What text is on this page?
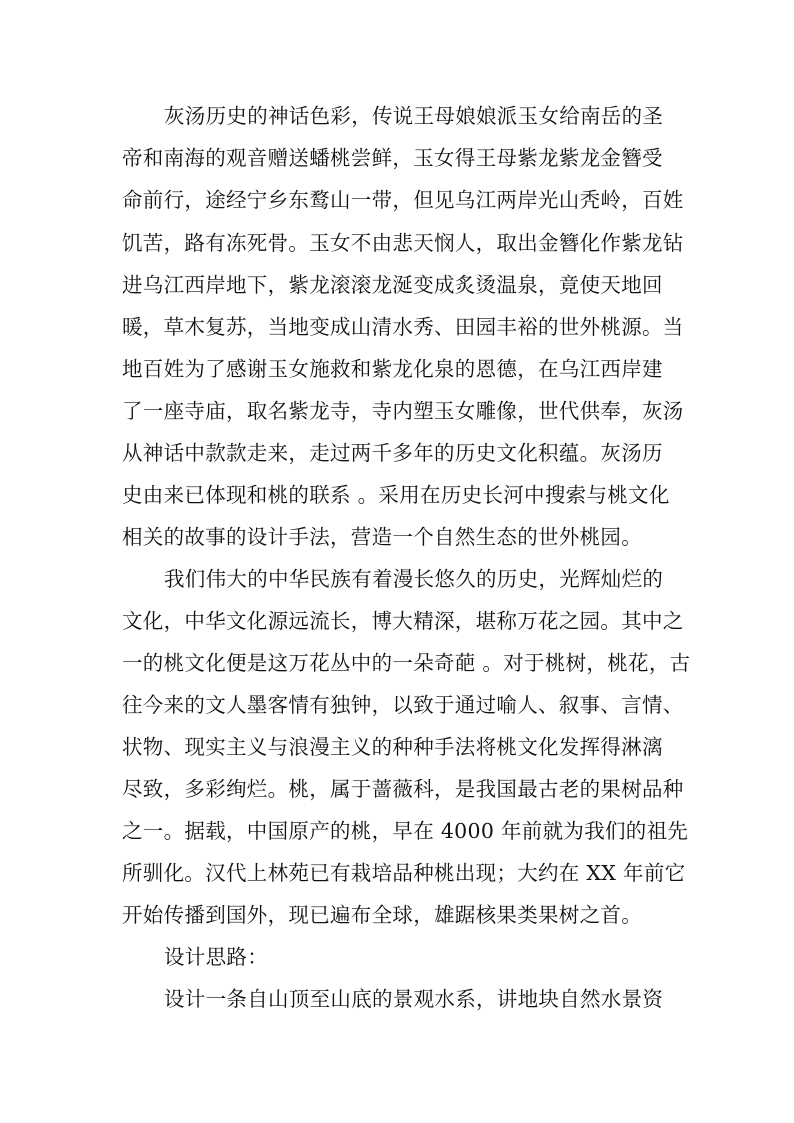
灰汤历史的神话色彩，传说王母娘娘派玉女给南岳的圣
帝和南海的观音赠送蟠桃尝鲜，玉女得王母紫龙紫龙金簪受
命前行，途经宁乡东鹜山一带，但见乌江两岸光山秃岭，百姓
饥苦，路有冻死骨。玉女不由悲天悯人，取出金簪化作紫龙钻
进乌江西岸地下，紫龙滚滚龙涎变成炙烫温泉，竟使天地回
暖，草木复苏，当地变成山清水秀、田园丰裕的世外桃源。当
地百姓为了感谢玉女施救和紫龙化泉的恩德，在乌江西岸建
了一座寺庙，取名紫龙寺，寺内塑玉女雕像，世代供奉，灰汤
从神话中款款走来，走过两千多年的历史文化积蕴。灰汤历
史由来已体现和桃的联系 。采用在历史长河中搜索与桃文化
相关的故事的设计手法，营造一个自然生态的世外桃园。
我们伟大的中华民族有着漫长悠久的历史，光辉灿烂的
文化，中华文化源远流长，博大精深，堪称万花之园。其中之
一的桃文化便是这万花丛中的一朵奇葩 。对于桃树，桃花，古
往今来的文人墨客情有独钟，以致于通过喻人、叙事、言情、
状物、现实主义与浪漫主义的种种手法将桃文化发挥得淋漓
尽致，多彩绚烂。桃，属于蔷薇科，是我国最古老的果树品种
之一。据载，中国原产的桃，早在 4000 年前就为我们的祖先
所驯化。汉代上林苑已有栽培品种桃出现；大约在 XX 年前它
开始传播到国外，现已遍布全球，雄踞核果类果树之首。
设计思路：
设计一条自山顶至山底的景观水系，讲地块自然水景资
